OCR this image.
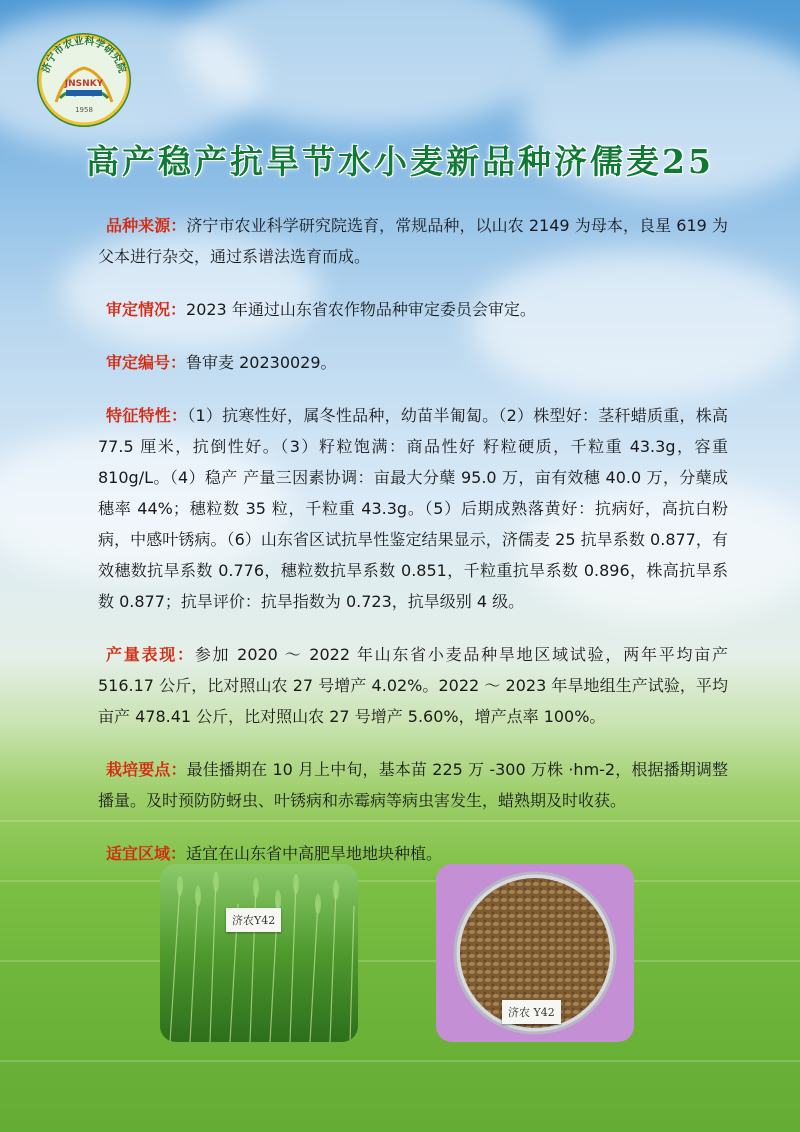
济宁市农业科学研究院
JNSNKY
1958
高产稳产抗旱节水小麦新品种济儒麦25

品种来源：济宁市农业科学研究院选育，常规品种，以山农 2149 为母本，良星 619 为父本进行杂交，通过系谱法选育而成。

审定情况：2023 年通过山东省农作物品种审定委员会审定。

审定编号：鲁审麦 20230029。

特征特性：（1）抗寒性好，属冬性品种，幼苗半匍匐。（2）株型好：茎秆蜡质重，株高 77.5 厘米，抗倒性好。（3）籽粒饱满：商品性好 籽粒硬质，千粒重 43.3g，容重 810g/L。（4）稳产 产量三因素协调：亩最大分蘖 95.0 万，亩有效穗 40.0 万，分蘖成穗率 44%；穗粒数 35 粒，千粒重 43.3g。（5）后期成熟落黄好：抗病好，高抗白粉病，中感叶锈病。（6）山东省区试抗旱性鉴定结果显示，济儒麦 25 抗旱系数 0.877，有效穗数抗旱系数 0.776，穗粒数抗旱系数 0.851，千粒重抗旱系数 0.896，株高抗旱系数 0.877；抗旱评价：抗旱指数为 0.723，抗旱级别 4 级。

产量表现：参加 2020 ～ 2022 年山东省小麦品种旱地区域试验，两年平均亩产 516.17 公斤，比对照山农 27 号增产 4.02%。2022 ～ 2023 年旱地组生产试验，平均亩产 478.41 公斤，比对照山农 27 号增产 5.60%，增产点率 100%。

栽培要点：最佳播期在 10 月上中旬，基本苗 225 万 -300 万株 ·hm-2，根据播期调整播量。及时预防防蚜虫、叶锈病和赤霉病等病虫害发生，蜡熟期及时收获。

适宜区域：适宜在山东省中高肥旱地地块种植。

济农Y42
济农 Y42
